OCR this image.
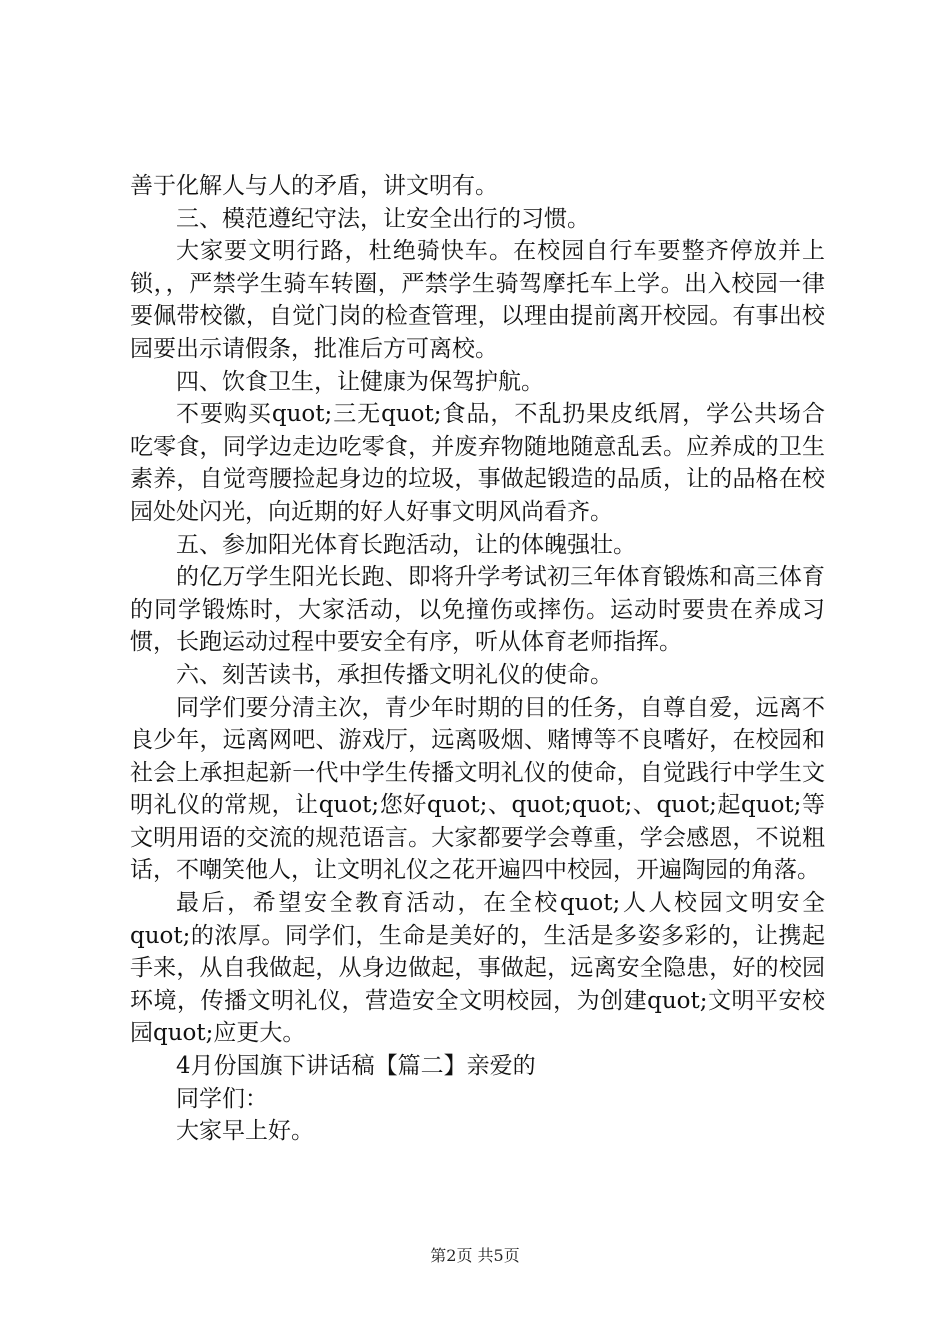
善于化解人与人的矛盾，讲文明有。

三、模范遵纪守法，让安全出行的习惯。

大家要文明行路，杜绝骑快车。在校园自行车要整齐停放并上锁，，严禁学生骑车转圈，严禁学生骑驾摩托车上学。出入校园一律要佩带校徽，自觉门岗的检查管理，以理由提前离开校园。有事出校园要出示请假条，批准后方可离校。

四、饮食卫生，让健康为保驾护航。

不要购买quot;三无quot;食品，不乱扔果皮纸屑，学公共场合吃零食，同学边走边吃零食，并废弃物随地随意乱丢。应养成的卫生素养，自觉弯腰捡起身边的垃圾，事做起锻造的品质，让的品格在校园处处闪光，向近期的好人好事文明风尚看齐。

五、参加阳光体育长跑活动，让的体魄强壮。

的亿万学生阳光长跑、即将升学考试初三年体育锻炼和高三体育的同学锻炼时，大家活动，以免撞伤或摔伤。运动时要贵在养成习惯，长跑运动过程中要安全有序，听从体育老师指挥。

六、刻苦读书，承担传播文明礼仪的使命。

同学们要分清主次，青少年时期的目的任务，自尊自爱，远离不良少年，远离网吧、游戏厅，远离吸烟、赌博等不良嗜好，在校园和社会上承担起新一代中学生传播文明礼仪的使命，自觉践行中学生文明礼仪的常规，让quot;您好quot;、quot;quot;、quot;起quot;等文明用语的交流的规范语言。大家都要学会尊重，学会感恩，不说粗话，不嘲笑他人，让文明礼仪之花开遍四中校园，开遍陶园的角落。

最后，希望安全教育活动，在全校quot;人人校园文明安全quot;的浓厚。同学们，生命是美好的，生活是多姿多彩的，让携起手来，从自我做起，从身边做起，事做起，远离安全隐患，好的校园环境，传播文明礼仪，营造安全文明校园，为创建quot;文明平安校园quot;应更大。

4月份国旗下讲话稿【篇二】亲爱的

同学们：

大家早上好。

第2页 共5页
